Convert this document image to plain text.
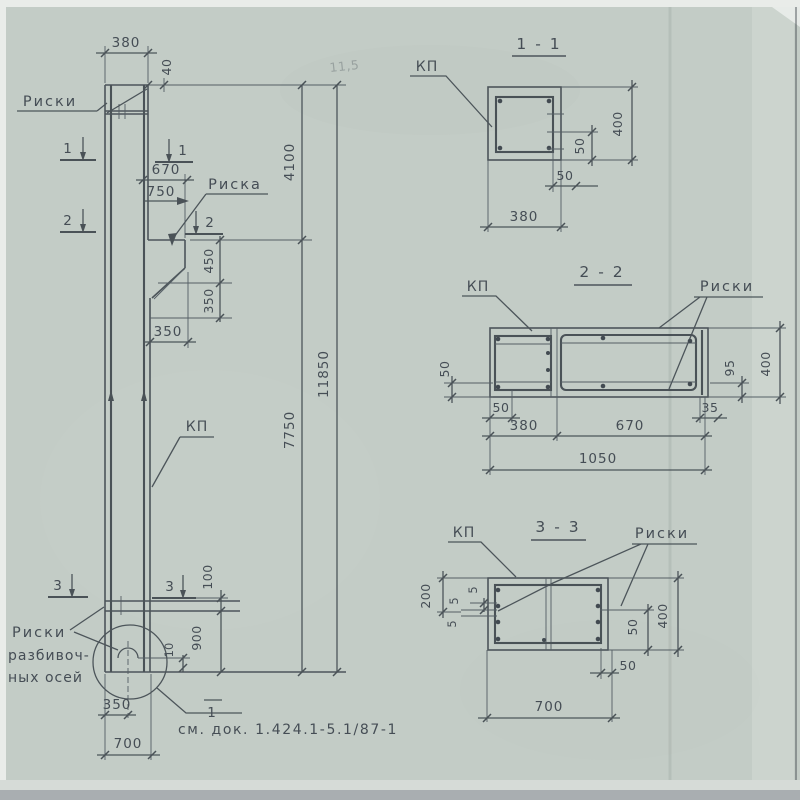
380
40
670
750 Риска
450
350
350
4100
7750
11850
100
900
10
350
700
КП
Риски
1	1
2	2
3	3
Риски
разбивоч-
ных осей
1
см. док. 1.424.1-5.1/87-1
11,5
1 - 1
КП
50
400
50
380
2 - 2
КП	Риски
50
50	35
380	670
1050
95 400
3 - 3
КП	Риски
200	5
5
5	50 400
50
700
